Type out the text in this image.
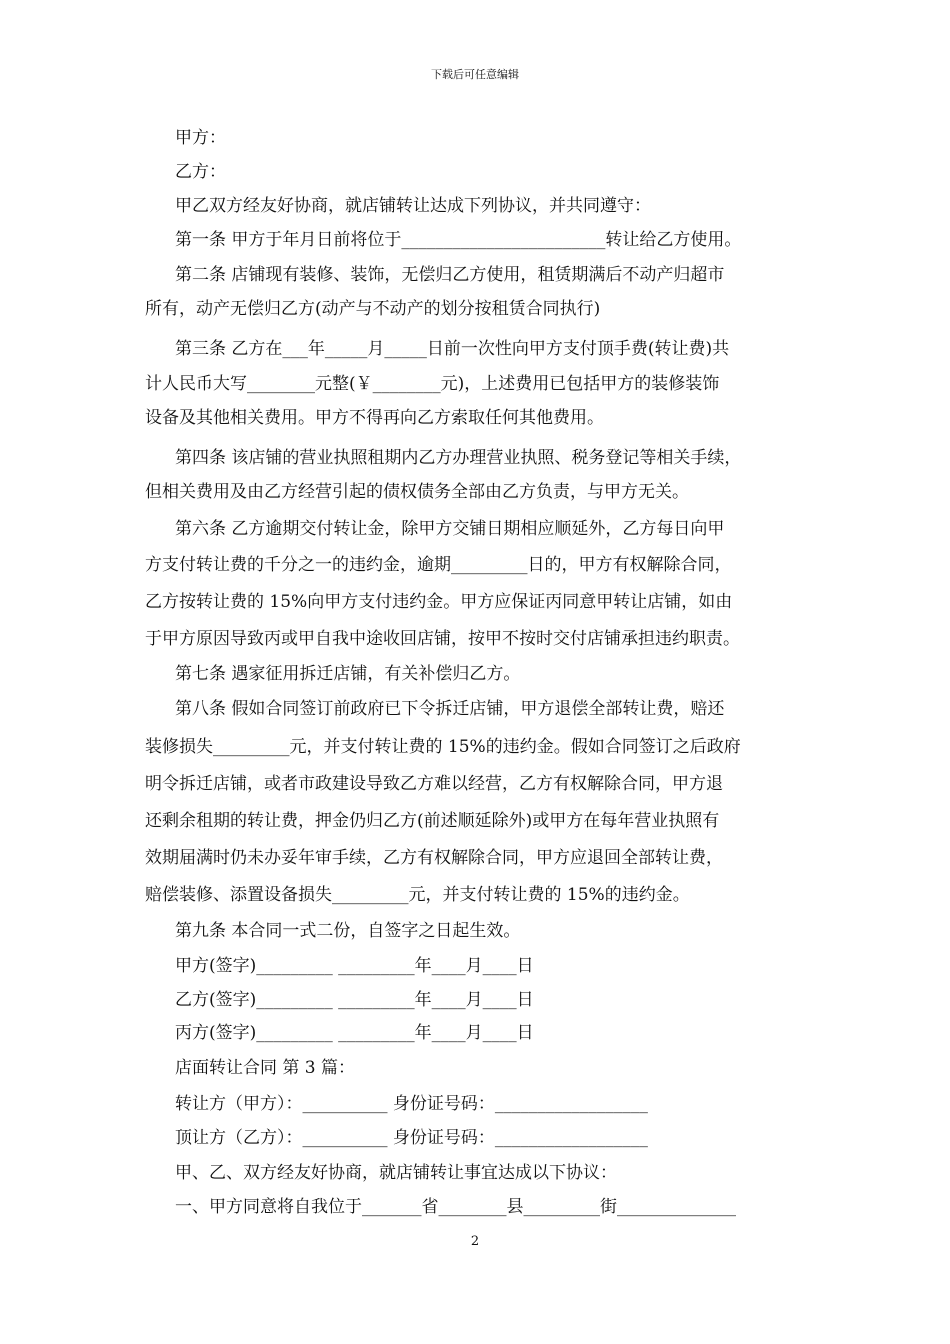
下载后可任意编辑
甲方：
乙方：
甲乙双方经友好协商，就店铺转让达成下列协议，并共同遵守：
第一条 甲方于年月日前将位于________________________转让给乙方使用。
第二条 店铺现有装修、装饰，无偿归乙方使用，租赁期满后不动产归超市
所有，动产无偿归乙方(动产与不动产的划分按租赁合同执行)
第三条 乙方在___年_____月_____日前一次性向甲方支付顶手费(转让费)共
计人民币大写________元整(￥________元)，上述费用已包括甲方的装修装饰
设备及其他相关费用。甲方不得再向乙方索取任何其他费用。
第四条 该店铺的营业执照租期内乙方办理营业执照、税务登记等相关手续，
但相关费用及由乙方经营引起的债权债务全部由乙方负责，与甲方无关。
第六条 乙方逾期交付转让金，除甲方交铺日期相应顺延外，乙方每日向甲
方支付转让费的千分之一的违约金，逾期_________日的，甲方有权解除合同，
乙方按转让费的 15%向甲方支付违约金。甲方应保证丙同意甲转让店铺，如由
于甲方原因导致丙或甲自我中途收回店铺，按甲不按时交付店铺承担违约职责。
第七条 遇家征用拆迁店铺，有关补偿归乙方。
第八条 假如合同签订前政府已下令拆迁店铺，甲方退偿全部转让费，赔还
装修损失_________元，并支付转让费的 15%的违约金。假如合同签订之后政府
明令拆迁店铺，或者市政建设导致乙方难以经营，乙方有权解除合同，甲方退
还剩余租期的转让费，押金仍归乙方(前述顺延除外)或甲方在每年营业执照有
效期届满时仍未办妥年审手续，乙方有权解除合同，甲方应退回全部转让费，
赔偿装修、添置设备损失_________元，并支付转让费的 15%的违约金。
第九条 本合同一式二份，自签字之日起生效。
甲方(签字)_________ _________年____月____日
乙方(签字)_________ _________年____月____日
丙方(签字)_________ _________年____月____日
店面转让合同 第 3 篇：
转让方（甲方）：__________ 身份证号码：__________________
顶让方（乙方）：__________ 身份证号码：__________________
甲、乙、双方经友好协商，就店铺转让事宜达成以下协议：
一、甲方同意将自我位于_______省________县_________街______________
2
